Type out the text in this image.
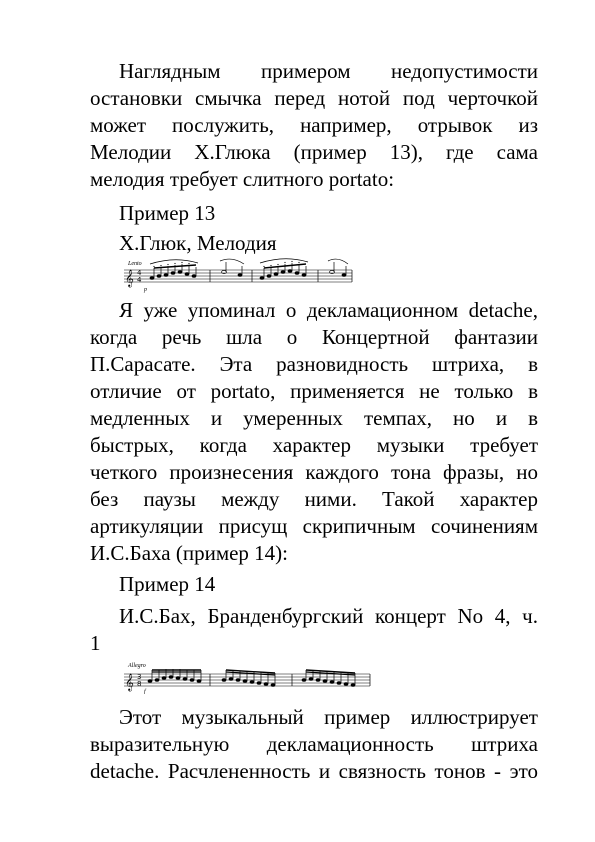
Наглядным примером недопустимости
остановки смычка перед нотой под черточкой
может послужить, например, отрывок из
Мелодии Х.Глюка (пример 13), где сама
мелодия требует слитного portato:

Пример 13

Х.Глюк, Мелодия

Lento
𝄞 4
4
p
Я уже упоминал о декламационном detache,
когда речь шла о Концертной фантазии
П.Сарасате. Эта разновидность штриха, в
отличие от portato, применяется не только в
медленных и умеренных темпах, но и в
быстрых, когда характер музыки требует
четкого произнесения каждого тона фразы, но
без паузы между ними. Такой характер
артикуляции присущ скрипичным сочинениям
И.С.Баха (пример 14):

Пример 14

И.С.Бах, Бранденбургский концерт No 4, ч.
1
Allegro
𝄞 3
8
f
Этот музыкальный пример иллюстрирует
выразительную декламационность штриха
detache. Расчлененность и связность тонов - это
